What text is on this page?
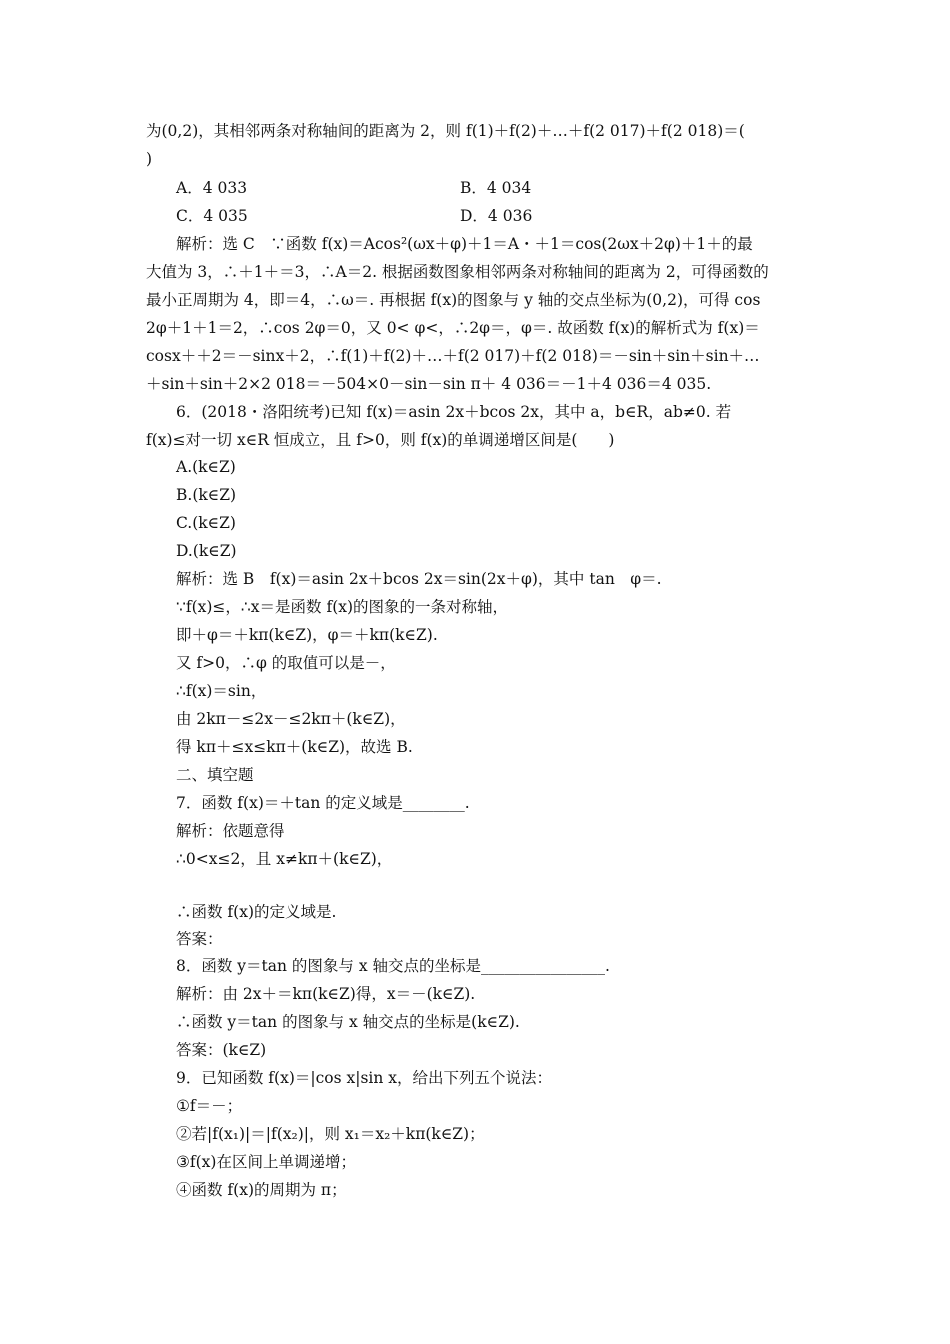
为(0,2)，其相邻两条对称轴间的距离为 2，则 f(1)＋f(2)＋…＋f(2 017)＋f(2 018)＝(
)
A．4 033	B．4 034
C．4 035	D．4 036
解析：选 C　∵函数 f(x)＝Acos²(ωx＋φ)＋1＝A・＋1＝cos(2ωx＋2φ)＋1＋的最
大值为 3，∴＋1＋＝3，∴A＝2. 根据函数图象相邻两条对称轴间的距离为 2，可得函数的
最小正周期为 4，即＝4，∴ω＝. 再根据 f(x)的图象与 y 轴的交点坐标为(0,2)，可得 cos
2φ＋1＋1＝2，∴cos 2φ＝0，又 0< φ<，∴2φ＝，φ＝. 故函数 f(x)的解析式为 f(x)＝
cosx＋＋2＝－sinx＋2，∴f(1)＋f(2)＋…＋f(2 017)＋f(2 018)＝－sin＋sin＋sin＋…
＋sin＋sin＋2×2 018＝－504×0－sin－sin π＋ 4 036＝－1＋4 036＝4 035.
6．(2018・洛阳统考)已知 f(x)＝asin 2x＋bcos 2x，其中 a，b∈R，ab≠0. 若
f(x)≤对一切 x∈R 恒成立，且 f>0，则 f(x)的单调递增区间是(　　)
A.(k∈Z)
B.(k∈Z)
C.(k∈Z)
D.(k∈Z)
解析：选 B　f(x)＝asin 2x＋bcos 2x＝sin(2x＋φ)，其中 tan　φ＝.
∵f(x)≤，∴x＝是函数 f(x)的图象的一条对称轴，
即＋φ＝＋kπ(k∈Z)，φ＝＋kπ(k∈Z).
又 f>0，∴φ 的取值可以是－，
∴f(x)＝sin，
由 2kπ－≤2x－≤2kπ＋(k∈Z)，
得 kπ＋≤x≤kπ＋(k∈Z)，故选 B.
二、填空题
7．函数 f(x)＝＋tan 的定义域是________.
解析：依题意得
∴0<x≤2，且 x≠kπ＋(k∈Z)，
∴函数 f(x)的定义域是.
答案：
8．函数 y＝tan 的图象与 x 轴交点的坐标是________________.
解析：由 2x＋＝kπ(k∈Z)得，x＝－(k∈Z).
∴函数 y＝tan 的图象与 x 轴交点的坐标是(k∈Z).
答案：(k∈Z)
9．已知函数 f(x)＝|cos x|sin x，给出下列五个说法：
①f＝－；
②若|f(x₁)|＝|f(x₂)|，则 x₁＝x₂＋kπ(k∈Z)；
③f(x)在区间上单调递增；
④函数 f(x)的周期为 π；
